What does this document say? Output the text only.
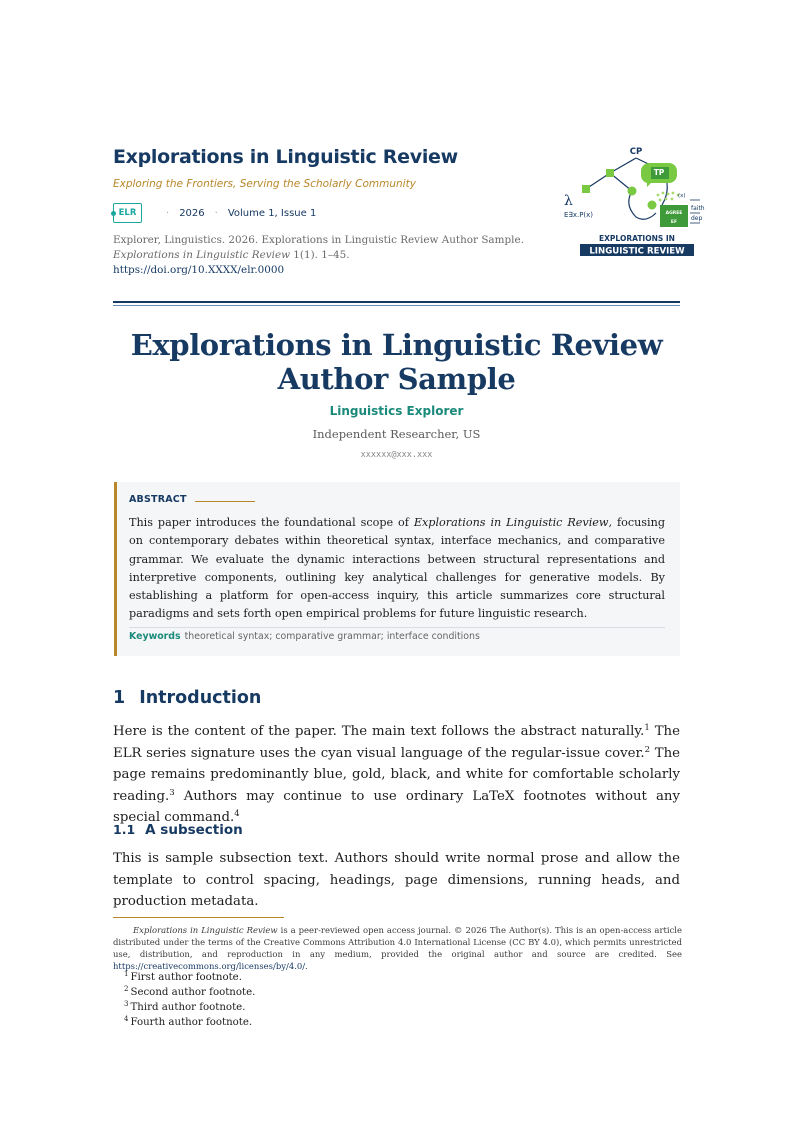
Explorations in Linguistic Review
Exploring the Frontiers, Serving the Scholarly Community
ELR	· 2026 · Volume 1, Issue 1
Explorer, Linguistics. 2026. Explorations in Linguistic Review Author Sample.
Explorations in Linguistic Review 1(1). 1–45.
https://doi.org/10.XXXX/elr.0000
CP
TP
λ
E∃x.P(x)
(x)
faith
dep
AGREE
EF
EXPLORATIONS IN
LINGUISTIC REVIEW
Explorations in Linguistic Review Author Sample
Linguistics Explorer
Independent Researcher, US
xxxxxx@xxx.xxx
ABSTRACT
This paper introduces the foundational scope of Explorations in Linguistic Review, focusing on contemporary debates within theoretical syntax, interface mechanics, and comparative grammar. We evaluate the dynamic interactions between structural representations and interpretive components, outlining key analytical challenges for generative models. By establishing a platform for open-access inquiry, this article summarizes core structural paradigms and sets forth open empirical problems for future linguistic research.
Keywords theoretical syntax; comparative grammar; interface conditions
1 Introduction
Here is the content of the paper. The main text follows the abstract naturally.$^1$ The ELR series signature uses the cyan visual language of the regular-issue cover.$^2$ The page remains predominantly blue, gold, black, and white for comfortable scholarly reading.$^3$ Authors may continue to use ordinary LaTeX footnotes without any special command.$^4$
1.1 A subsection
This is sample subsection text. Authors should write normal prose and allow the template to control spacing, headings, page dimensions, running heads, and production metadata.
Explorations in Linguistic Review is a peer-reviewed open access journal. © 2026 The Author(s). This is an open-access article distributed under the terms of the Creative Commons Attribution 4.0 International License (CC BY 4.0), which permits unrestricted use, distribution, and reproduction in any medium, provided the original author and source are credited. See https://creativecommons.org/licenses/by/4.0/.
$^1$ First author footnote.
$^2$ Second author footnote.
$^3$ Third author footnote.
$^4$ Fourth author footnote.
